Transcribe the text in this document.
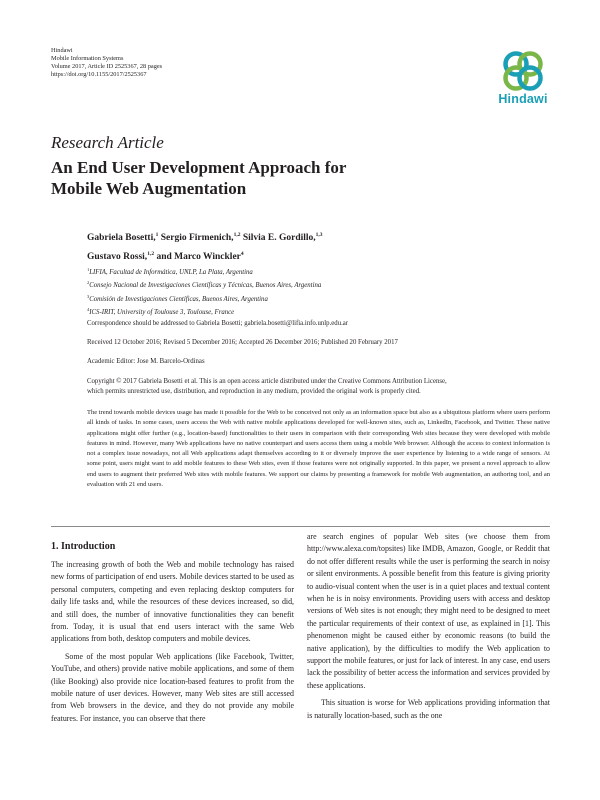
Hindawi
Mobile Information Systems
Volume 2017, Article ID 2525367, 28 pages
https://doi.org/10.1155/2017/2525367
Hindawi
Research Article
An End User Development Approach for
Mobile Web Augmentation
Gabriela Bosetti,$^1$ Sergio Firmenich,$^{1,2}$ Silvia E. Gordillo,$^{1,3}$
Gustavo Rossi,$^{1,2}$ and Marco Winckler$^4$
$^1$LIFIA, Facultad de Informática, UNLP, La Plata, Argentina
$^2$Consejo Nacional de Investigaciones Científicas y Técnicas, Buenos Aires, Argentina
$^3$Comisión de Investigaciones Científicas, Buenos Aires, Argentina
$^4$ICS-IRIT, University of Toulouse 3, Toulouse, France
Correspondence should be addressed to Gabriela Bosetti; gabriela.bosetti@lifia.info.unlp.edu.ar
Received 12 October 2016; Revised 5 December 2016; Accepted 26 December 2016; Published 20 February 2017
Academic Editor: Jose M. Barcelo-Ordinas
Copyright © 2017 Gabriela Bosetti et al. This is an open access article distributed under the Creative Commons Attribution License,
which permits unrestricted use, distribution, and reproduction in any medium, provided the original work is properly cited.
The trend towards mobile devices usage has made it possible for the Web to be conceived not only as an information space but also as a ubiquitous platform where users perform all kinds of tasks. In some cases, users access the Web with native mobile applications developed for well-known sites, such as, LinkedIn, Facebook, and Twitter. These native applications might offer further (e.g., location-based) functionalities to their users in comparison with their corresponding Web sites because they were developed with mobile features in mind. However, many Web applications have no native counterpart and users access them using a mobile Web browser. Although the access to context information is not a complex issue nowadays, not all Web applications adapt themselves according to it or diversely improve the user experience by listening to a wide range of sensors. At some point, users might want to add mobile features to these Web sites, even if those features were not originally supported. In this paper, we present a novel approach to allow end users to augment their preferred Web sites with mobile features. We support our claims by presenting a framework for mobile Web augmentation, an authoring tool, and an evaluation with 21 end users.
1. Introduction
The increasing growth of both the Web and mobile technology has raised new forms of participation of end users. Mobile devices started to be used as personal computers, competing and even replacing desktop computers for daily life tasks and, while the resources of these devices increased, so did, and still does, the number of innovative functionalities they can benefit from. Today, it is usual that end users interact with the same Web applications from both, desktop computers and mobile devices.
Some of the most popular Web applications (like Facebook, Twitter, YouTube, and others) provide native mobile applications, and some of them (like Booking) also provide nice location-based features to profit from the mobile nature of user devices. However, many Web sites are still accessed from Web browsers in the device, and they do not provide any mobile features. For instance, you can observe that there
are search engines of popular Web sites (we choose them from http://www.alexa.com/topsites) like IMDB, Amazon, Google, or Reddit that do not offer different results while the user is performing the search in noisy or silent environments. A possible benefit from this feature is giving priority to audio-visual content when the user is in a quiet places and textual content when he is in noisy environments. Providing users with access and desktop versions of Web sites is not enough; they might need to be designed to meet the particular requirements of their context of use, as explained in [1]. This phenomenon might be caused either by economic reasons (to build the native application), by the difficulties to modify the Web application to support the mobile features, or just for lack of interest. In any case, end users lack the possibility of better access the information and services provided by these applications.
This situation is worse for Web applications providing information that is naturally location-based, such as the one
